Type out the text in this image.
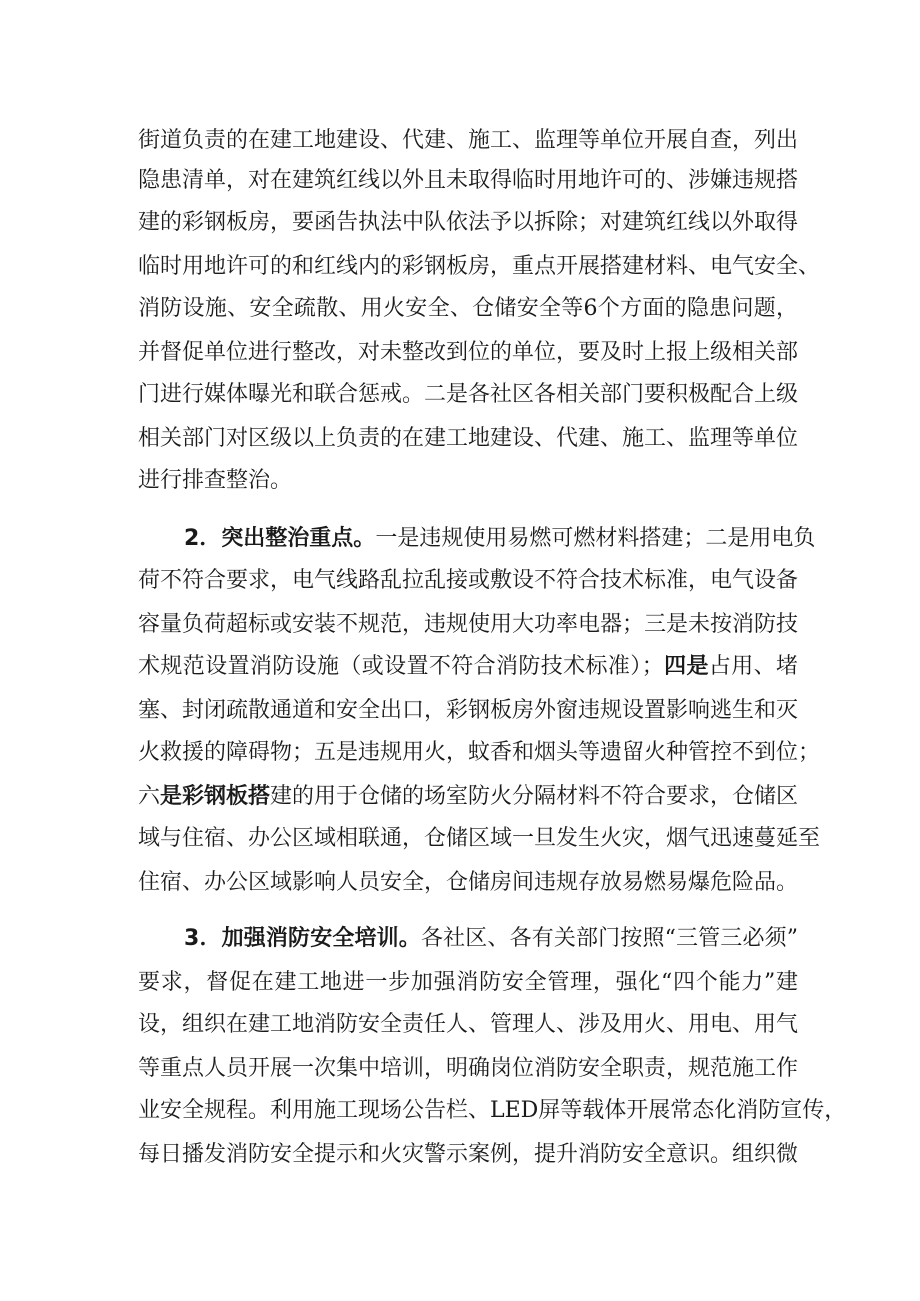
街道负责的在建工地建设、代建、施工、监理等单位开展自查，列出
隐患清单，对在建筑红线以外且未取得临时用地许可的、涉嫌违规搭
建的彩钢板房，要函告执法中队依法予以拆除；对建筑红线以外取得
临时用地许可的和红线内的彩钢板房，重点开展搭建材料、电气安全、
消防设施、安全疏散、用火安全、仓储安全等6个方面的隐患问题，
并督促单位进行整改，对未整改到位的单位，要及时上报上级相关部
门进行媒体曝光和联合惩戒。二是各社区各相关部门要积极配合上级
相关部门对区级以上负责的在建工地建设、代建、施工、监理等单位
进行排查整治。
2．突出整治重点。一是违规使用易燃可燃材料搭建；二是用电负
荷不符合要求，电气线路乱拉乱接或敷设不符合技术标准，电气设备
容量负荷超标或安装不规范，违规使用大功率电器；三是未按消防技
术规范设置消防设施（或设置不符合消防技术标准）；四是占用、堵
塞、封闭疏散通道和安全出口，彩钢板房外窗违规设置影响逃生和灭
火救援的障碍物；五是违规用火，蚊香和烟头等遗留火种管控不到位；
六是彩钢板搭建的用于仓储的场室防火分隔材料不符合要求，仓储区
域与住宿、办公区域相联通，仓储区域一旦发生火灾，烟气迅速蔓延至
住宿、办公区域影响人员安全，仓储房间违规存放易燃易爆危险品。
3．加强消防安全培训。各社区、各有关部门按照“三管三必须”
要求，督促在建工地进一步加强消防安全管理，强化“四个能力”建
设，组织在建工地消防安全责任人、管理人、涉及用火、用电、用气
等重点人员开展一次集中培训，明确岗位消防安全职责，规范施工作
业安全规程。利用施工现场公告栏、LED屏等载体开展常态化消防宣传，
每日播发消防安全提示和火灾警示案例，提升消防安全意识。组织微
